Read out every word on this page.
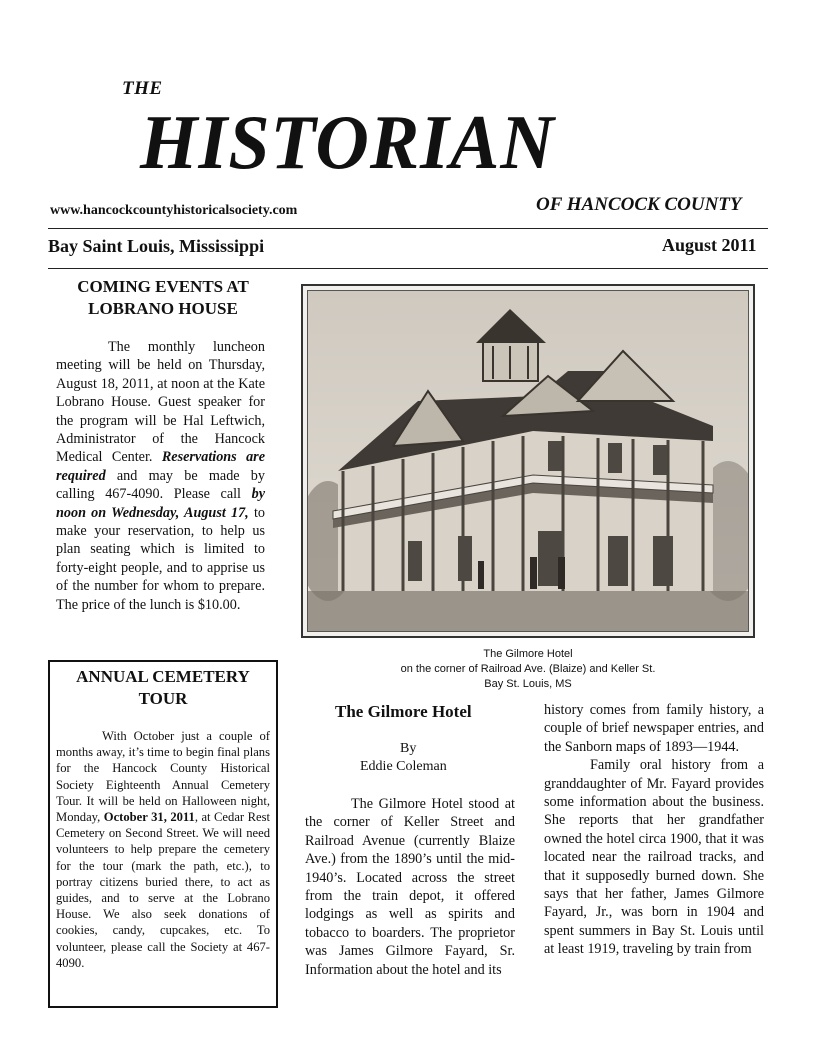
THE
HISTORIAN
www.hancockcountyhistoricalsociety.com	OF HANCOCK COUNTY
Bay Saint Louis, Mississippi	August 2011
COMING EVENTS AT
LOBRANO HOUSE

The monthly luncheon meeting will be held on Thursday, August 18, 2011, at noon at the Kate Lobrano House. Guest speaker for the program will be Hal Leftwich, Administrator of the Hancock Medical Center. Reservations are required and may be made by calling 467-4090. Please call by noon on Wednesday, August 17, to make your reservation, to help us plan seating which is limited to forty-eight people, and to apprise us of the number for whom to prepare. The price of the lunch is $10.00.

ANNUAL CEMETERY
TOUR

With October just a couple of months away, it’s time to begin final plans for the Hancock County Historical Society Eighteenth Annual Cemetery Tour. It will be held on Halloween night, Monday, October 31, 2011, at Cedar Rest Cemetery on Second Street. We will need volunteers to help prepare the cemetery for the tour (mark the path, etc.), to portray citizens buried there, to act as guides, and to serve at the Lobrano House. We also seek donations of cookies, candy, cupcakes, etc. To volunteer, please call the Society at 467-4090.

The Gilmore Hotel
on the corner of Railroad Ave. (Blaize) and Keller St.
Bay St. Louis, MS
The Gilmore Hotel
By
Eddie Coleman

The Gilmore Hotel stood at the corner of Keller Street and Railroad Avenue (currently Blaize Ave.) from the 1890’s until the mid-1940’s. Located across the street from the train depot, it offered lodgings as well as spirits and tobacco to boarders. The proprietor was James Gilmore Fayard, Sr. Information about the hotel and its

history comes from family history, a couple of brief newspaper entries, and the Sanborn maps of 1893—1944.

Family oral history from a granddaughter of Mr. Fayard provides some information about the business. She reports that her grandfather owned the hotel circa 1900, that it was located near the railroad tracks, and that it supposedly burned down. She says that her father, James Gilmore Fayard, Jr., was born in 1904 and spent summers in Bay St. Louis until at least 1919, traveling by train from
